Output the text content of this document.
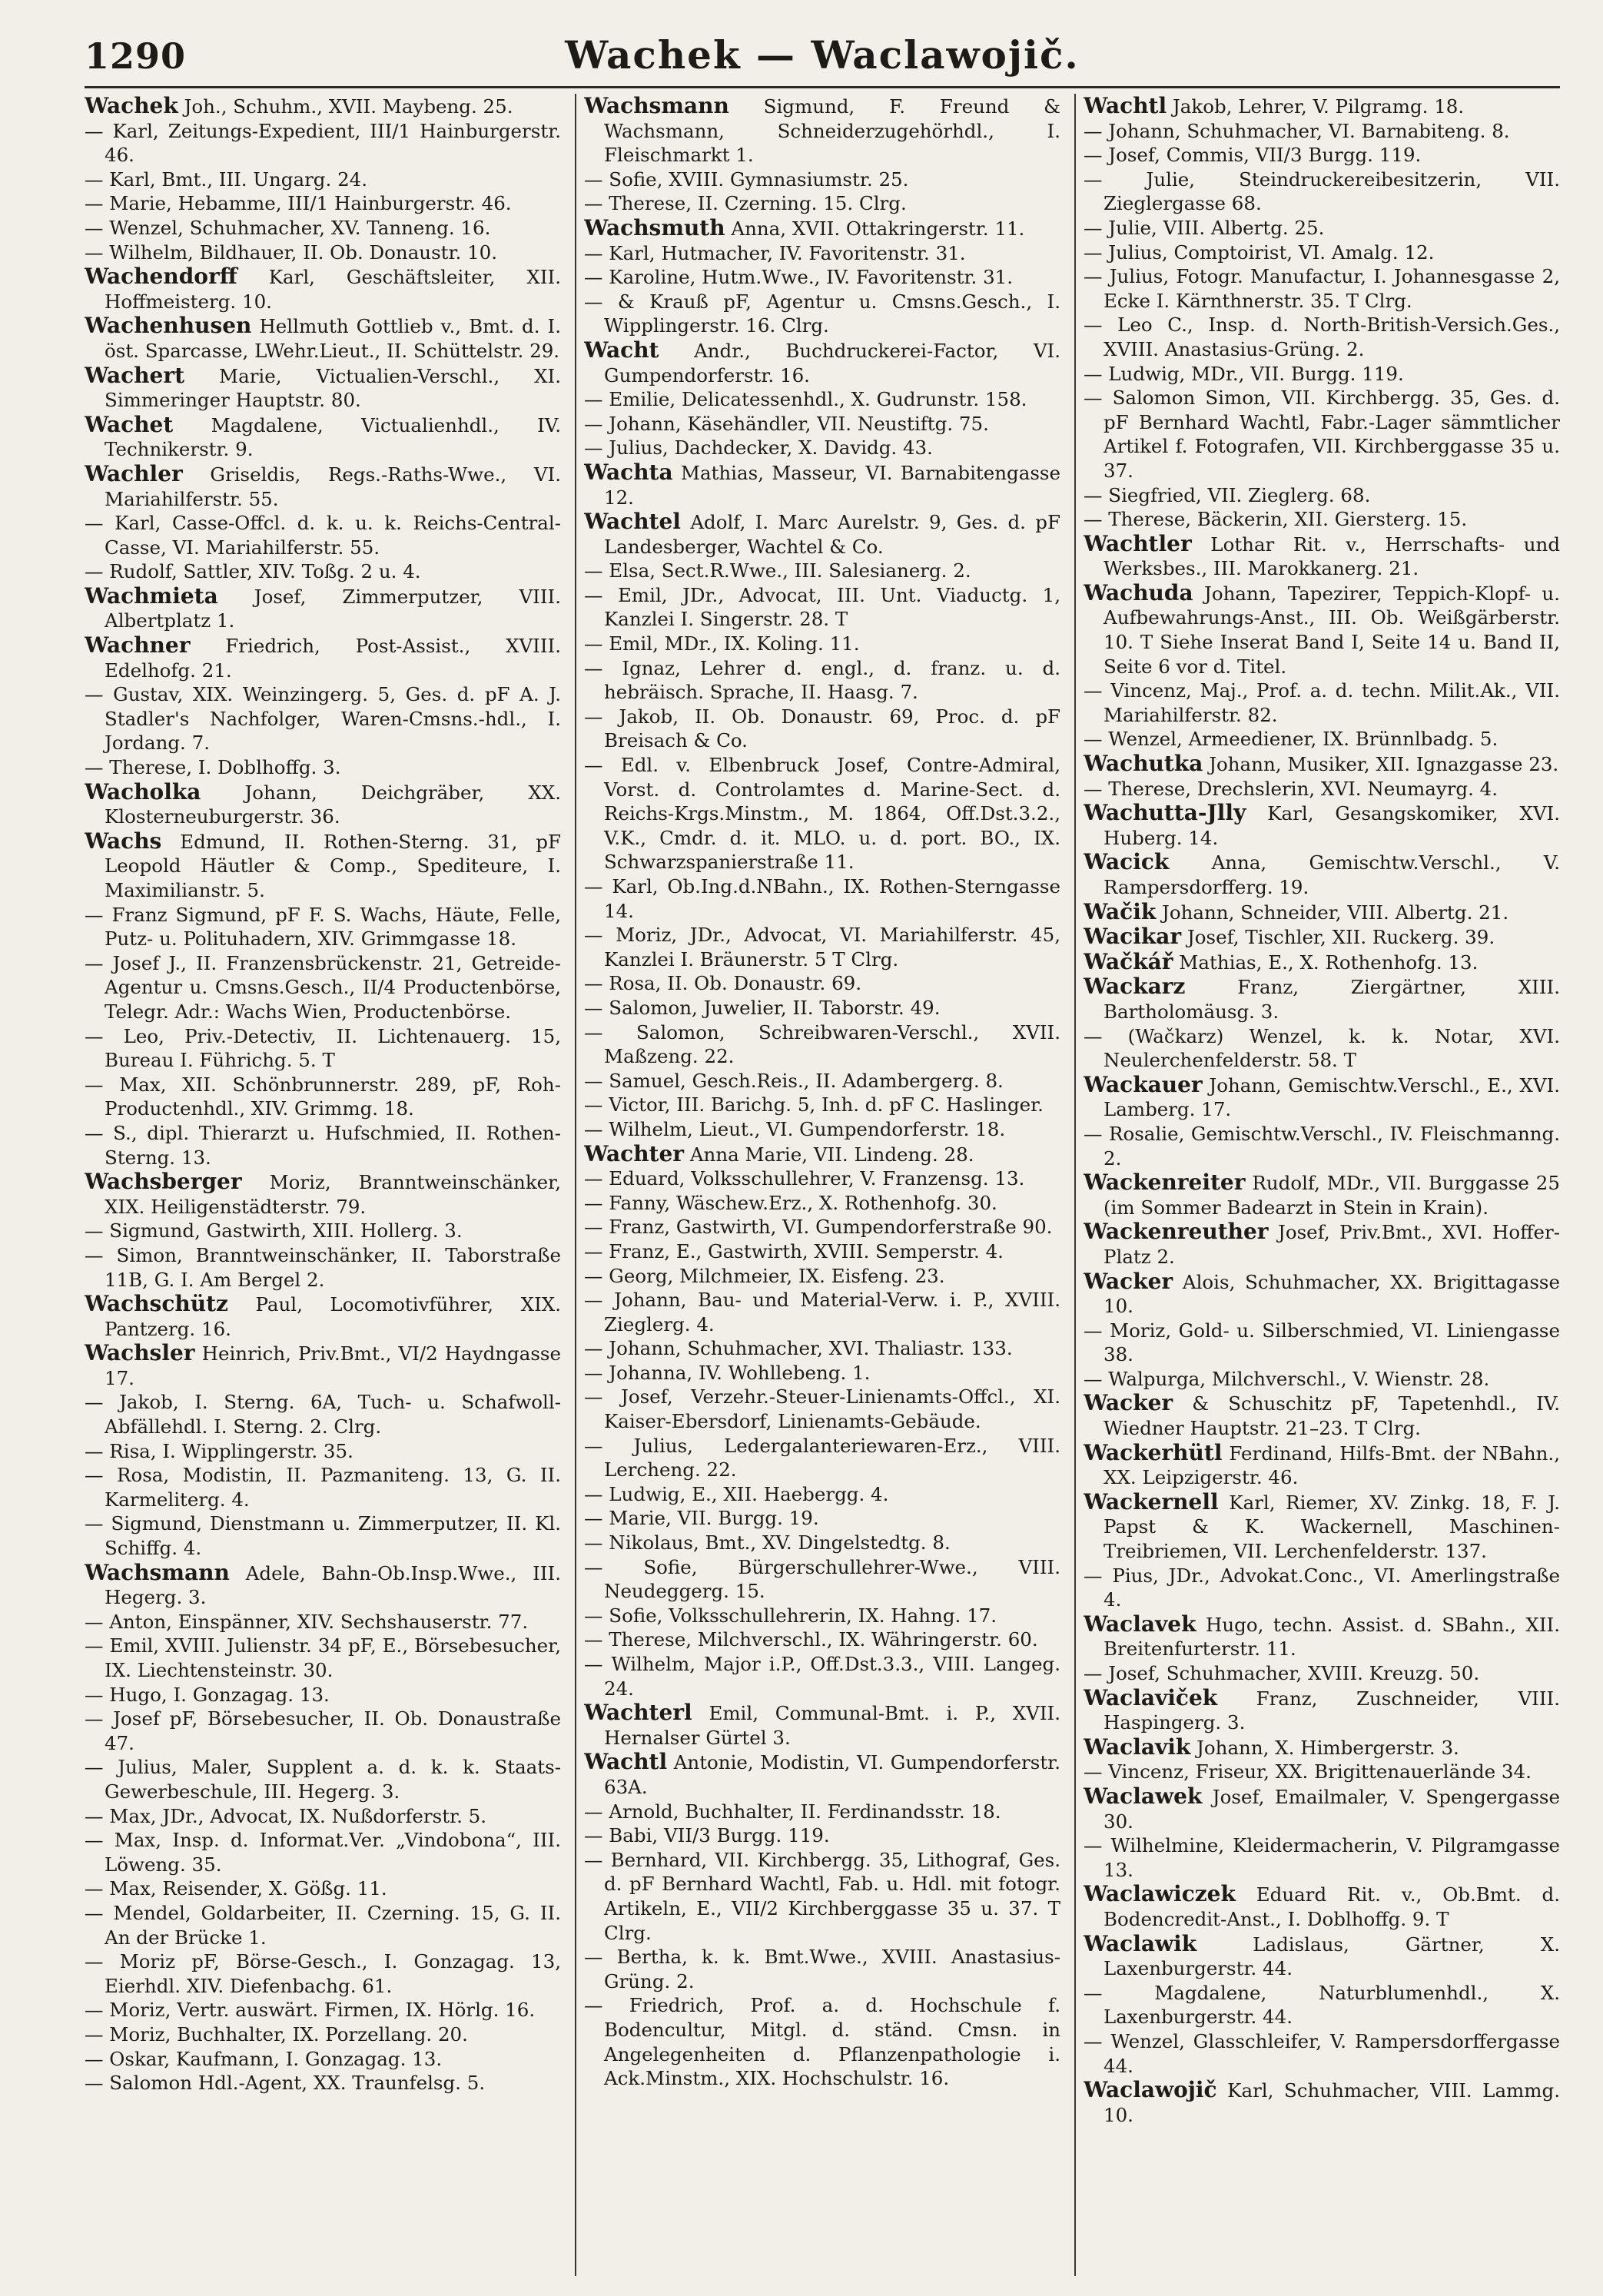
1290	Wachek — Waclawojič.

Wachek Joh., Schuhm., XVII. Maybeng. 25.

— Karl, Zeitungs-Expedient, III/1 Hainburgerstr. 46.

— Karl, Bmt., III. Ungarg. 24.

— Marie, Hebamme, III/1 Hainburgerstr. 46.

— Wenzel, Schuhmacher, XV. Tanneng. 16.

— Wilhelm, Bildhauer, II. Ob. Donaustr. 10.

Wachendorff Karl, Geschäftsleiter, XII. Hoffmeisterg. 10.

Wachenhusen Hellmuth Gottlieb v., Bmt. d. I. öst. Sparcasse, LWehr.Lieut., II. Schüttelstr. 29.

Wachert Marie, Victualien-Verschl., XI. Simmeringer Hauptstr. 80.

Wachet Magdalene, Victualienhdl., IV. Technikerstr. 9.

Wachler Griseldis, Regs.-Raths-Wwe., VI. Mariahilferstr. 55.

— Karl, Casse-Offcl. d. k. u. k. Reichs-Central-Casse, VI. Mariahilferstr. 55.

— Rudolf, Sattler, XIV. Toßg. 2 u. 4.

Wachmieta Josef, Zimmerputzer, VIII. Albertplatz 1.

Wachner Friedrich, Post-Assist., XVIII. Edelhofg. 21.

— Gustav, XIX. Weinzingerg. 5, Ges. d. pF A. J. Stadler's Nachfolger, Waren-Cmsns.-hdl., I. Jordang. 7.

— Therese, I. Doblhoffg. 3.

Wacholka Johann, Deichgräber, XX. Klosterneuburgerstr. 36.

Wachs Edmund, II. Rothen-Sterng. 31, pF Leopold Häutler & Comp., Spediteure, I. Maximilianstr. 5.

— Franz Sigmund, pF F. S. Wachs, Häute, Felle, Putz- u. Polituhadern, XIV. Grimmgasse 18.

— Josef J., II. Franzensbrückenstr. 21, Getreide-Agentur u. Cmsns.Gesch., II/4 Productenbörse, Telegr. Adr.: Wachs Wien, Productenbörse.

— Leo, Priv.-Detectiv, II. Lichtenauerg. 15, Bureau I. Führichg. 5. T

— Max, XII. Schönbrunnerstr. 289, pF, Roh-Productenhdl., XIV. Grimmg. 18.

— S., dipl. Thierarzt u. Hufschmied, II. Rothen-Sterng. 13.

Wachsberger Moriz, Branntweinschänker, XIX. Heiligenstädterstr. 79.

— Sigmund, Gastwirth, XIII. Hollerg. 3.

— Simon, Branntweinschänker, II. Taborstraße 11B, G. I. Am Bergel 2.

Wachschütz Paul, Locomotivführer, XIX. Pantzerg. 16.

Wachsler Heinrich, Priv.Bmt., VI/2 Haydngasse 17.

— Jakob, I. Sterng. 6A, Tuch- u. Schafwoll-Abfällehdl. I. Sterng. 2. Clrg.

— Risa, I. Wipplingerstr. 35.

— Rosa, Modistin, II. Pazmaniteng. 13, G. II. Karmeliterg. 4.

— Sigmund, Dienstmann u. Zimmerputzer, II. Kl. Schiffg. 4.

Wachsmann Adele, Bahn-Ob.Insp.Wwe., III. Hegerg. 3.

— Anton, Einspänner, XIV. Sechshauserstr. 77.

— Emil, XVIII. Julienstr. 34 pF, E., Börsebesucher, IX. Liechtensteinstr. 30.

— Hugo, I. Gonzagag. 13.

— Josef pF, Börsebesucher, II. Ob. Donaustraße 47.

— Julius, Maler, Supplent a. d. k. k. Staats-Gewerbeschule, III. Hegerg. 3.

— Max, JDr., Advocat, IX. Nußdorferstr. 5.

— Max, Insp. d. Informat.Ver. „Vindobona“, III. Löweng. 35.

— Max, Reisender, X. Gößg. 11.

— Mendel, Goldarbeiter, II. Czerning. 15, G. II. An der Brücke 1.

— Moriz pF, Börse-Gesch., I. Gonzagag. 13, Eierhdl. XIV. Diefenbachg. 61.

— Moriz, Vertr. auswärt. Firmen, IX. Hörlg. 16.

— Moriz, Buchhalter, IX. Porzellang. 20.

— Oskar, Kaufmann, I. Gonzagag. 13.

— Salomon Hdl.-Agent, XX. Traunfelsg. 5.

Wachsmann Sigmund, F. Freund & Wachsmann, Schneiderzugehörhdl., I. Fleischmarkt 1.

— Sofie, XVIII. Gymnasiumstr. 25.

— Therese, II. Czerning. 15. Clrg.

Wachsmuth Anna, XVII. Ottakringerstr. 11.

— Karl, Hutmacher, IV. Favoritenstr. 31.

— Karoline, Hutm.Wwe., IV. Favoritenstr. 31.

— & Krauß pF, Agentur u. Cmsns.Gesch., I. Wipplingerstr. 16. Clrg.

Wacht Andr., Buchdruckerei-Factor, VI. Gumpendorferstr. 16.

— Emilie, Delicatessenhdl., X. Gudrunstr. 158.

— Johann, Käsehändler, VII. Neustiftg. 75.

— Julius, Dachdecker, X. Davidg. 43.

Wachta Mathias, Masseur, VI. Barnabitengasse 12.

Wachtel Adolf, I. Marc Aurelstr. 9, Ges. d. pF Landesberger, Wachtel & Co.

— Elsa, Sect.R.Wwe., III. Salesianerg. 2.

— Emil, JDr., Advocat, III. Unt. Viaductg. 1, Kanzlei I. Singerstr. 28. T

— Emil, MDr., IX. Koling. 11.

— Ignaz, Lehrer d. engl., d. franz. u. d. hebräisch. Sprache, II. Haasg. 7.

— Jakob, II. Ob. Donaustr. 69, Proc. d. pF Breisach & Co.

— Edl. v. Elbenbruck Josef, Contre-Admiral, Vorst. d. Controlamtes d. Marine-Sect. d. Reichs-Krgs.Minstm., M. 1864, Off.Dst.3.2., V.K., Cmdr. d. it. MLO. u. d. port. BO., IX. Schwarzspanierstraße 11.

— Karl, Ob.Ing.d.NBahn., IX. Rothen-Sterngasse 14.

— Moriz, JDr., Advocat, VI. Mariahilferstr. 45, Kanzlei I. Bräunerstr. 5 T Clrg.

— Rosa, II. Ob. Donaustr. 69.

— Salomon, Juwelier, II. Taborstr. 49.

— Salomon, Schreibwaren-Verschl., XVII. Maßzeng. 22.

— Samuel, Gesch.Reis., II. Adambergerg. 8.

— Victor, III. Barichg. 5, Inh. d. pF C. Haslinger.

— Wilhelm, Lieut., VI. Gumpendorferstr. 18.

Wachter Anna Marie, VII. Lindeng. 28.

— Eduard, Volksschullehrer, V. Franzensg. 13.

— Fanny, Wäschew.Erz., X. Rothenhofg. 30.

— Franz, Gastwirth, VI. Gumpendorferstraße 90.

— Franz, E., Gastwirth, XVIII. Semperstr. 4.

— Georg, Milchmeier, IX. Eisfeng. 23.

— Johann, Bau- und Material-Verw. i. P., XVIII. Zieglerg. 4.

— Johann, Schuhmacher, XVI. Thaliastr. 133.

— Johanna, IV. Wohllebeng. 1.

— Josef, Verzehr.-Steuer-Linienamts-Offcl., XI. Kaiser-Ebersdorf, Linienamts-Gebäude.

— Julius, Ledergalanteriewaren-Erz., VIII. Lercheng. 22.

— Ludwig, E., XII. Haebergg. 4.

— Marie, VII. Burgg. 19.

— Nikolaus, Bmt., XV. Dingelstedtg. 8.

— Sofie, Bürgerschullehrer-Wwe., VIII. Neudeggerg. 15.

— Sofie, Volksschullehrerin, IX. Hahng. 17.

— Therese, Milchverschl., IX. Währingerstr. 60.

— Wilhelm, Major i.P., Off.Dst.3.3., VIII. Langeg. 24.

Wachterl Emil, Communal-Bmt. i. P., XVII. Hernalser Gürtel 3.

Wachtl Antonie, Modistin, VI. Gumpendorferstr. 63A.

— Arnold, Buchhalter, II. Ferdinandsstr. 18.

— Babi, VII/3 Burgg. 119.

— Bernhard, VII. Kirchbergg. 35, Lithograf, Ges. d. pF Bernhard Wachtl, Fab. u. Hdl. mit fotogr. Artikeln, E., VII/2 Kirchberggasse 35 u. 37. T Clrg.

— Bertha, k. k. Bmt.Wwe., XVIII. Anastasius-Grüng. 2.

— Friedrich, Prof. a. d. Hochschule f. Bodencultur, Mitgl. d. ständ. Cmsn. in Angelegenheiten d. Pflanzenpathologie i. Ack.Minstm., XIX. Hochschulstr. 16.

Wachtl Jakob, Lehrer, V. Pilgramg. 18.

— Johann, Schuhmacher, VI. Barnabiteng. 8.

— Josef, Commis, VII/3 Burgg. 119.

— Julie, Steindruckereibesitzerin, VII. Zieglergasse 68.

— Julie, VIII. Albertg. 25.

— Julius, Comptoirist, VI. Amalg. 12.

— Julius, Fotogr. Manufactur, I. Johannesgasse 2, Ecke I. Kärnthnerstr. 35. T Clrg.

— Leo C., Insp. d. North-British-Versich.Ges., XVIII. Anastasius-Grüng. 2.

— Ludwig, MDr., VII. Burgg. 119.

— Salomon Simon, VII. Kirchbergg. 35, Ges. d. pF Bernhard Wachtl, Fabr.-Lager sämmtlicher Artikel f. Fotografen, VII. Kirchberggasse 35 u. 37.

— Siegfried, VII. Zieglerg. 68.

— Therese, Bäckerin, XII. Giersterg. 15.

Wachtler Lothar Rit. v., Herrschafts- und Werksbes., III. Marokkanerg. 21.

Wachuda Johann, Tapezirer, Teppich-Klopf- u. Aufbewahrungs-Anst., III. Ob. Weißgärberstr. 10. T Siehe Inserat Band I, Seite 14 u. Band II, Seite 6 vor d. Titel.

— Vincenz, Maj., Prof. a. d. techn. Milit.Ak., VII. Mariahilferstr. 82.

— Wenzel, Armeediener, IX. Brünnlbadg. 5.

Wachutka Johann, Musiker, XII. Ignazgasse 23.

— Therese, Drechslerin, XVI. Neumayrg. 4.

Wachutta-Jlly Karl, Gesangskomiker, XVI. Huberg. 14.

Wacick Anna, Gemischtw.Verschl., V. Rampersdorfferg. 19.

Wačik Johann, Schneider, VIII. Albertg. 21.

Wacikar Josef, Tischler, XII. Ruckerg. 39.

Wačkář Mathias, E., X. Rothenhofg. 13.

Wackarz	Franz, Ziergärtner, XIII. Bartholomäusg. 3.

— (Wačkarz) Wenzel, k. k. Notar, XVI. Neulerchenfelderstr. 58. T

Wackauer Johann, Gemischtw.Verschl., E., XVI. Lamberg. 17.

— Rosalie, Gemischtw.Verschl., IV. Fleischmanng. 2.

Wackenreiter Rudolf, MDr., VII. Burggasse 25 (im Sommer Badearzt in Stein in Krain).

Wackenreuther Josef, Priv.Bmt., XVI. Hoffer-Platz 2.

Wacker Alois, Schuhmacher, XX. Brigittagasse 10.

— Moriz, Gold- u. Silberschmied, VI. Liniengasse 38.

— Walpurga, Milchverschl., V. Wienstr. 28.

Wacker & Schuschitz pF, Tapetenhdl., IV. Wiedner Hauptstr. 21–23. T Clrg.

Wackerhütl Ferdinand, Hilfs-Bmt. der NBahn., XX. Leipzigerstr. 46.

Wackernell Karl, Riemer, XV. Zinkg. 18, F. J. Papst & K. Wackernell, Maschinen-Treibriemen, VII. Lerchenfelderstr. 137.

— Pius, JDr., Advokat.Conc., VI. Amerlingstraße 4.

Waclavek Hugo, techn. Assist. d. SBahn., XII. Breitenfurterstr. 11.

— Josef, Schuhmacher, XVIII. Kreuzg. 50.

Waclaviček Franz, Zuschneider, VIII. Haspingerg. 3.

Waclavik Johann, X. Himbergerstr. 3.

— Vincenz, Friseur, XX. Brigittenauerlände 34.

Waclawek Josef, Emailmaler, V. Spengergasse 30.

— Wilhelmine, Kleidermacherin, V. Pilgramgasse 13.

Waclawiczek Eduard Rit. v., Ob.Bmt. d. Bodencredit-Anst., I. Doblhoffg. 9. T

Waclawik	Ladislaus, Gärtner, X. Laxenburgerstr. 44.

— Magdalene, Naturblumenhdl., X. Laxenburgerstr. 44.

— Wenzel, Glasschleifer, V. Rampersdorffergasse 44.

Waclawojič Karl, Schuhmacher, VIII. Lammg. 10.
